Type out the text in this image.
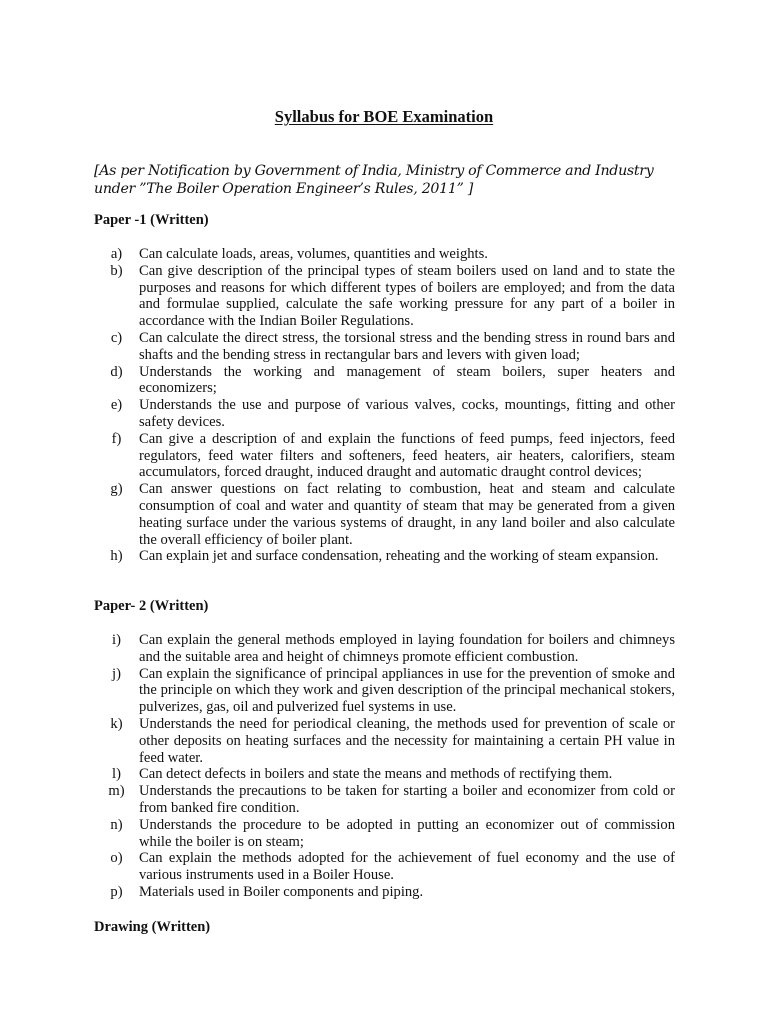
Syllabus for BOE Examination
[As per Notification by Government of India, Ministry of Commerce and Industry under ”The Boiler Operation Engineer’s Rules, 2011” ]
Paper -1 (Written)
a)	Can calculate loads, areas, volumes, quantities and weights.
b)	Can give description of the principal types of steam boilers used on land and to state the purposes and reasons for which different types of boilers are employed; and from the data and formulae supplied, calculate the safe working pressure for any part of a boiler in accordance with the Indian Boiler Regulations.
c)	Can calculate the direct stress, the torsional stress and the bending stress in round bars and shafts and the bending stress in rectangular bars and levers with given load;
d)	Understands the working and management of steam boilers, super heaters and economizers;
e)	Understands the use and purpose of various valves, cocks, mountings, fitting and other safety devices.
f)	Can give a description of and explain the functions of feed pumps, feed injectors, feed regulators, feed water filters and softeners, feed heaters, air heaters, calorifiers, steam accumulators, forced draught, induced draught and automatic draught control devices;
g)	Can answer questions on fact relating to combustion, heat and steam and calculate consumption of coal and water and quantity of steam that may be generated from a given heating surface under the various systems of draught, in any land boiler and also calculate the overall efficiency of boiler plant.
h)	Can explain jet and surface condensation, reheating and the working of steam expansion.
Paper- 2 (Written)
i)	Can explain the general methods employed in laying foundation for boilers and chimneys and the suitable area and height of chimneys promote efficient combustion.
j)	Can explain the significance of principal appliances in use for the prevention of smoke and the principle on which they work and given description of the principal mechanical stokers, pulverizes, gas, oil and pulverized fuel systems in use.
k)	Understands the need for periodical cleaning, the methods used for prevention of scale or other deposits on heating surfaces and the necessity for maintaining a certain PH value in feed water.
l)	Can detect defects in boilers and state the means and methods of rectifying them.
m) Understands the precautions to be taken for starting a boiler and economizer from cold or from banked fire condition.
n)	Understands the procedure to be adopted in putting an economizer out of commission while the boiler is on steam;
o)	Can explain the methods adopted for the achievement of fuel economy and the use of various instruments used in a Boiler House.
p)	Materials used in Boiler components and piping.
Drawing (Written)
